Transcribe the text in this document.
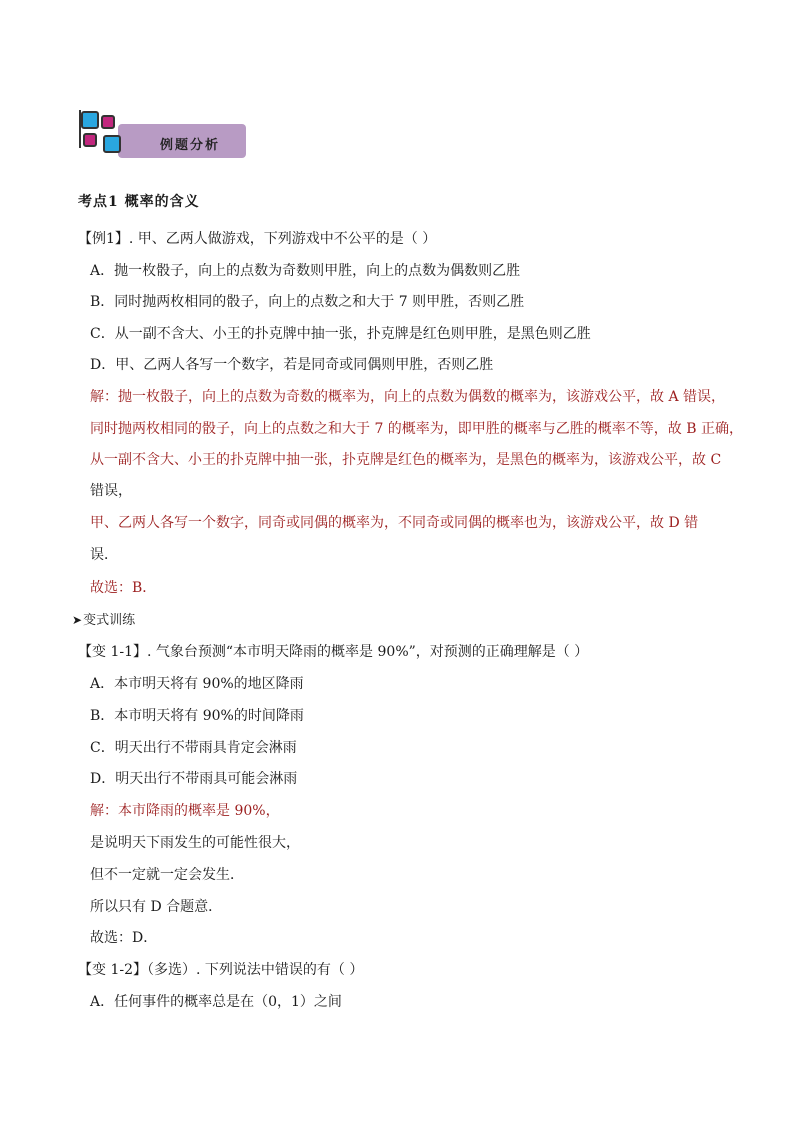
例题分析
考点1 概率的含义
【例1】. 甲、乙两人做游戏，下列游戏中不公平的是（ ）
A．抛一枚骰子，向上的点数为奇数则甲胜，向上的点数为偶数则乙胜
B．同时抛两枚相同的骰子，向上的点数之和大于 7 则甲胜，否则乙胜
C．从一副不含大、小王的扑克牌中抽一张，扑克牌是红色则甲胜，是黑色则乙胜
D．甲、乙两人各写一个数字，若是同奇或同偶则甲胜，否则乙胜
解：抛一枚骰子，向上的点数为奇数的概率为，向上的点数为偶数的概率为，该游戏公平，故 A 错误，
同时抛两枚相同的骰子，向上的点数之和大于 7 的概率为，即甲胜的概率与乙胜的概率不等，故 B 正确，
从一副不含大、小王的扑克牌中抽一张，扑克牌是红色的概率为，是黑色的概率为，该游戏公平，故 C
错误，
甲、乙两人各写一个数字，同奇或同偶的概率为，不同奇或同偶的概率也为，该游戏公平，故 D 错
误．
故选：B．
➤变式训练
【变 1-1】. 气象台预测“本市明天降雨的概率是 90%”，对预测的正确理解是（ ）
A．本市明天将有 90%的地区降雨
B．本市明天将有 90%的时间降雨
C．明天出行不带雨具肯定会淋雨
D．明天出行不带雨具可能会淋雨
解：本市降雨的概率是 90%，
是说明天下雨发生的可能性很大，
但不一定就一定会发生．
所以只有 D 合题意．
故选：D．
【变 1-2】（多选）. 下列说法中错误的有（ ）
A．任何事件的概率总是在（0，1）之间
